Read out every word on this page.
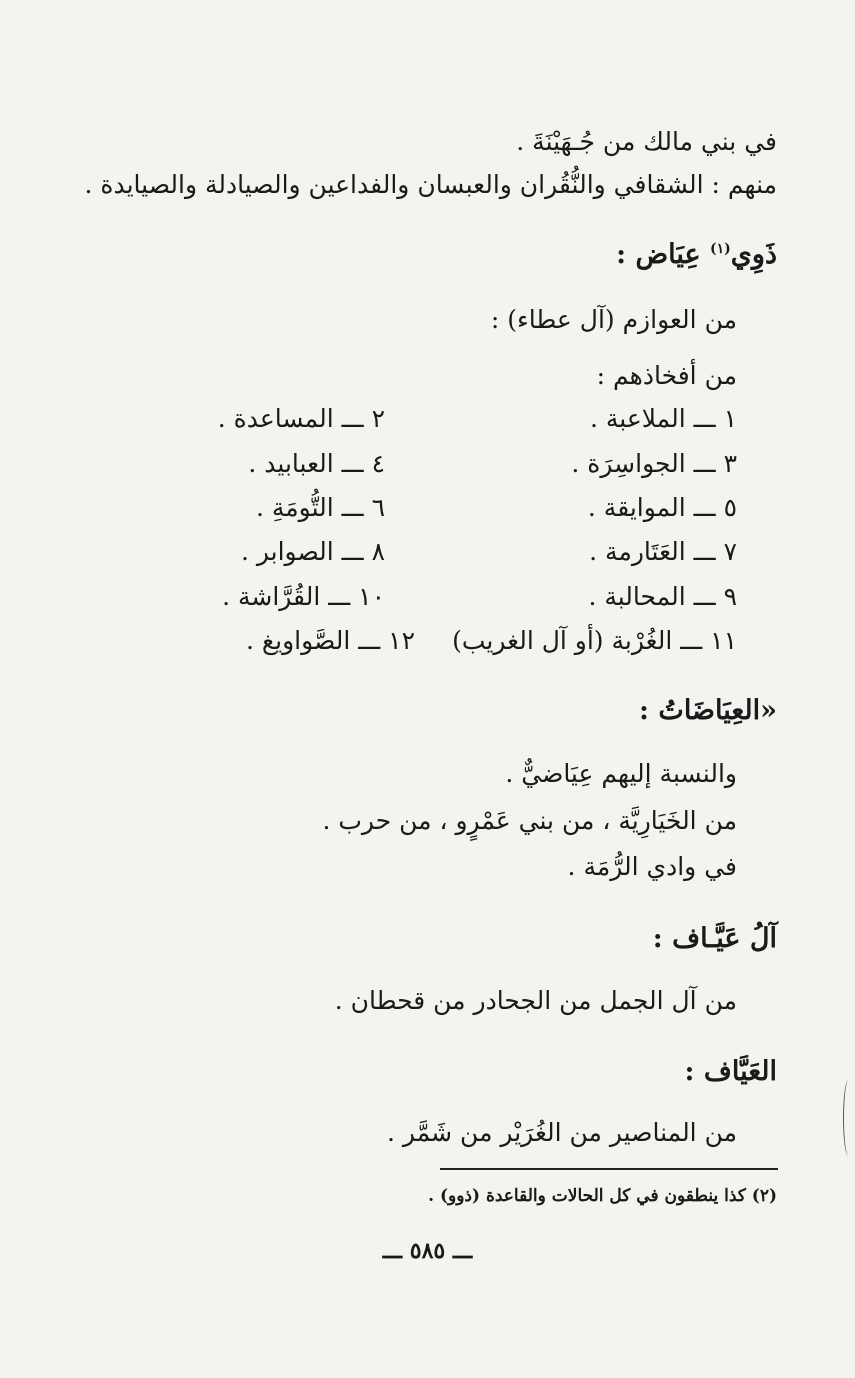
في بني مالك من جُـهَيْنَةَ .
منهم : الشقافي والنُّقُران والعبسان والفداعين والصيادلة والصيايدة .
ذَوِي$^{(١)}$ عِيَاض :
من العوازم (آل عطاء) :
من أفخاذهم :
١ ـــ الملاعبة .
٢ ـــ المساعدة .
٣ ـــ الجواسِرَة .
٤ ـــ العبابيد .
٥ ـــ الموايقة .
٦ ـــ التُّومَةِ .
٧ ـــ العَتَارمة .
٨ ـــ الصوابر .
٩ ـــ المحالبة .
١٠ ـــ القُرَّاشة .
١١ ـــ الغُرْبة (أو آل الغريب)
١٢ ـــ الصَّواويغ .
«العِيَاضَاتُ :
والنسبة إليهم عِيَاضيٌّ .
من الخَيَارِيَّة ، من بني عَمْرٍو ، من حرب .
في وادي الرُّمَة .
آلُ عَيَّـاف :
من آل الجمل من الجحادر من قحطان .
العَيَّاف :
من المناصير من الغُرَيْر من شَمَّر .
(٢) كذا ينطقون في كل الحالات والقاعدة (ذوو) .
ـــ ٥٨٥ ـــ
